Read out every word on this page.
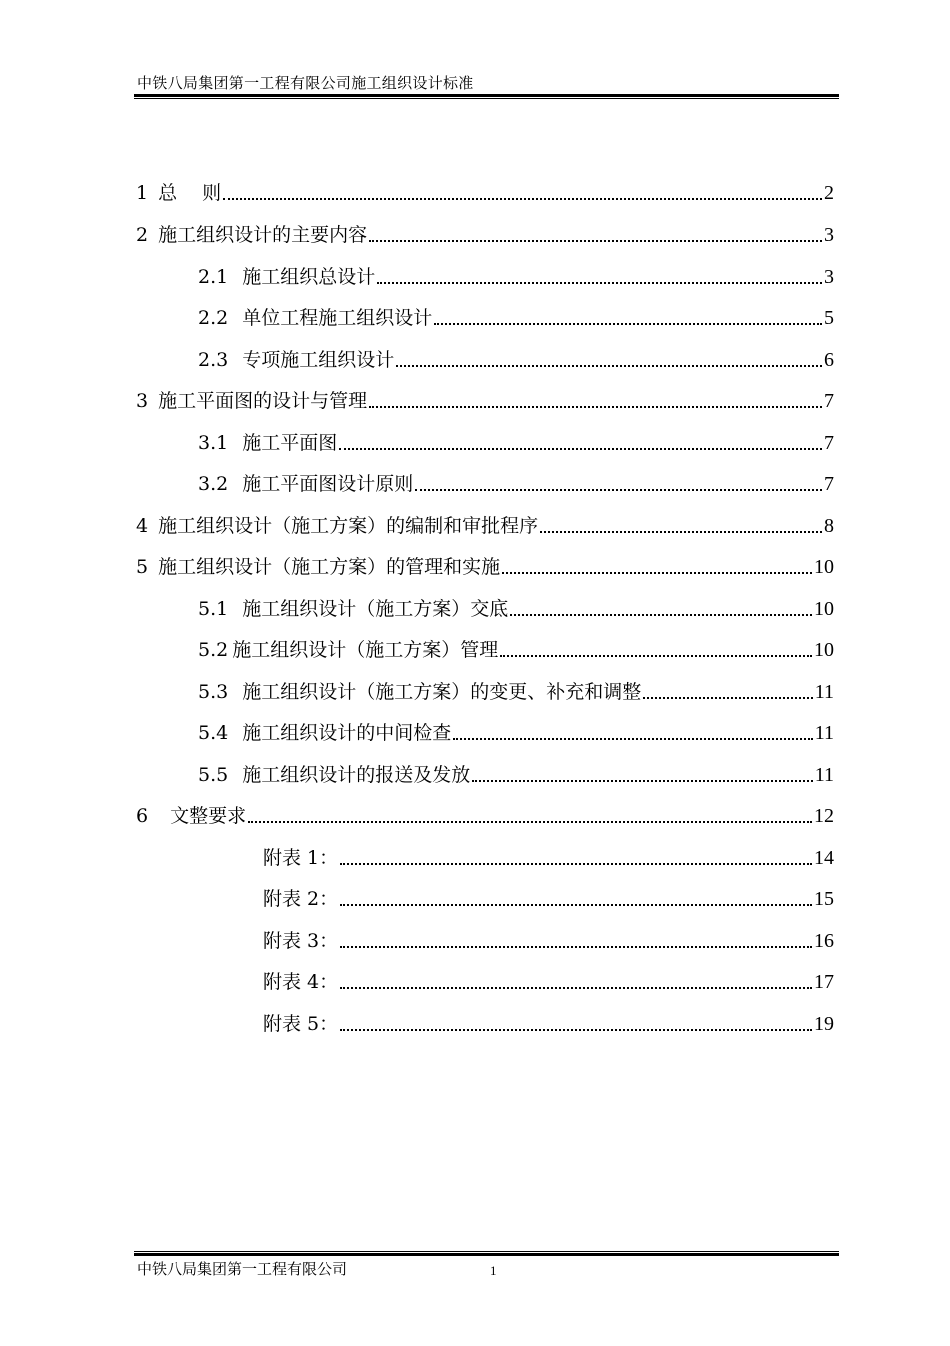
中铁八局集团第一工程有限公司施工组织设计标准
1 总　 则	2
2 施工组织设计的主要内容	3
2.1 施工组织总设计	3
2.2 单位工程施工组织设计	5
2.3 专项施工组织设计	6
3 施工平面图的设计与管理	7
3.1 施工平面图	7
3.2 施工平面图设计原则	7
4 施工组织设计（施工方案）的编制和审批程序	8
5 施工组织设计（施工方案）的管理和实施	10
5.1 施工组织设计（施工方案）交底	10
5.2 施工组织设计（施工方案）管理	10
5.3 施工组织设计（施工方案）的变更、补充和调整	11
5.4 施工组织设计的中间检查	11
5.5 施工组织设计的报送及发放	11
6 文整要求	12
附表 1：	14
附表 2：	15
附表 3：	16
附表 4：	17
附表 5：	19
中铁八局集团第一工程有限公司	1
